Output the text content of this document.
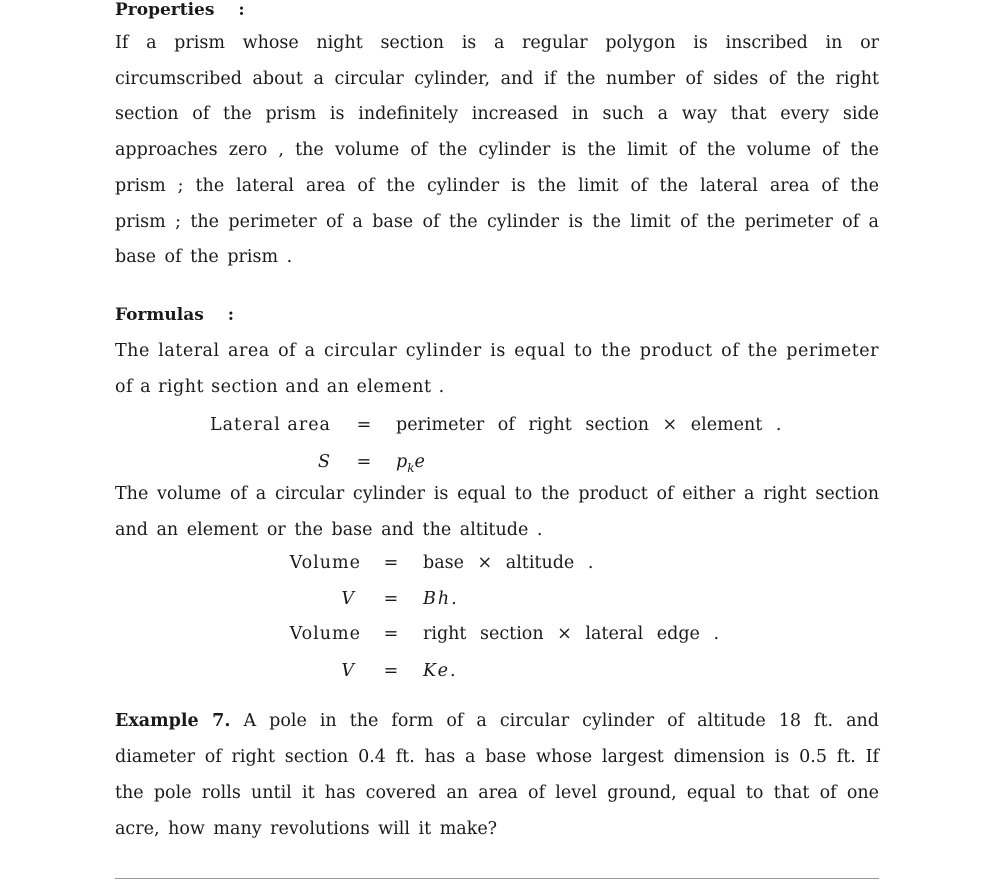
Properties :
If a prism whose night section is a regular polygon is inscribed in or circumscribed about a circular cylinder, and if the number of sides of the right section of the prism is indefinitely increased in such a way that every side approaches zero , the volume of the cylinder is the limit of the volume of the prism ; the lateral area of the cylinder is the limit of the lateral area of the prism ; the perimeter of a base of the cylinder is the limit of the perimeter of a base of the prism .
Formulas :
The lateral area of a circular cylinder is equal to the product of the perimeter of a right section and an element .
Lateral area = perimeter of right section × element .
$S = p_ke$
The volume of a circular cylinder is equal to the product of either a right section and an element or the base and the altitude .
Volume = base × altitude .
V = Bh.
Volume = right section × lateral edge .
V = Ke.
Example 7. A pole in the form of a circular cylinder of altitude 18 ft. and diameter of right section 0.4 ft. has a base whose largest dimension is 0.5 ft. If the pole rolls until it has covered an area of level ground, equal to that of one acre, how many revolutions will it make?
